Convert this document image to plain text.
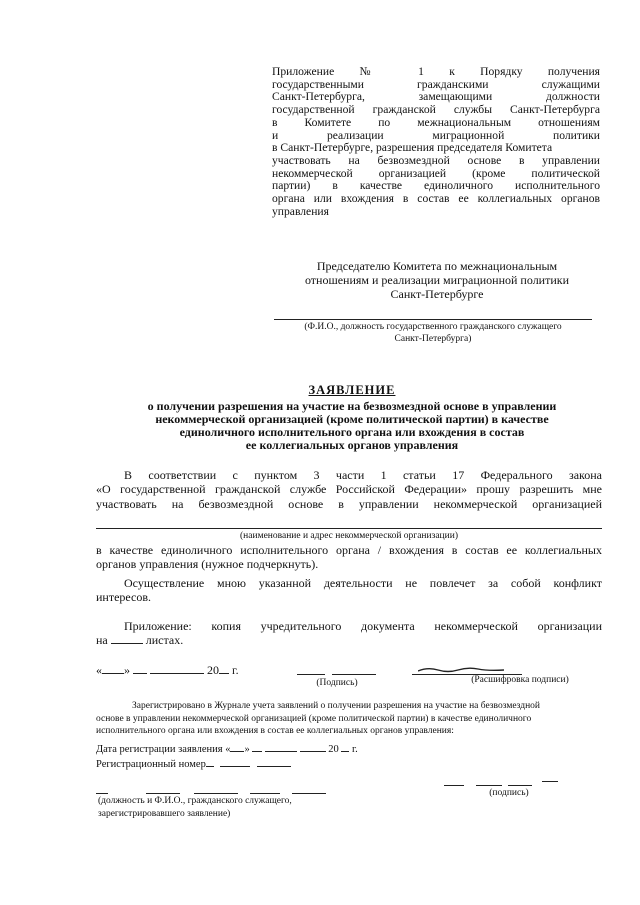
Приложение № 1 к Порядку получения
государственными гражданскими служащими
Санкт-Петербурга, замещающими должности
государственной гражданской службы Санкт-Петербурга
в Комитете по межнациональным отношениям
и реализации миграционной политики
в Санкт-Петербурге, разрешения председателя Комитета
участвовать на безвозмездной основе в управлении
некоммерческой организацией (кроме политической
партии) в качестве единоличного исполнительного
органа или вхождения в состав ее коллегиальных органов
управления
Председателю Комитета по межнациональным
отношениям и реализации миграционной политики
Санкт-Петербурге
(Ф.И.О., должность государственного гражданского служащего
Санкт-Петербурга)
ЗАЯВЛЕНИЕ
о получении разрешения на участие на безвозмездной основе в управлении
некоммерческой организацией (кроме политической партии) в качестве
единоличного исполнительного органа или вхождения в состав
ее коллегиальных органов управления
В соответствии с пунктом 3 части 1 статьи 17 Федерального закона
«О государственной гражданской службе Российской Федерации» прошу разрешить мне
участвовать на безвозмездной основе в управлении некоммерческой организацией
(наименование и адрес некоммерческой организации)
в качестве единоличного исполнительного органа / вхождения в состав ее коллегиальных
органов управления (нужное подчеркнуть).
Осуществление мною указанной деятельности не повлечет за собой конфликт
интересов.
Приложение: копия учредительного документа некоммерческой организации
на	листах.
« »	20 г.
(Подпись)	(Расшифровка подписи)
Зарегистрировано в Журнале учета заявлений о получении разрешения на участие на безвозмездной
основе в управлении некоммерческой организацией (кроме политической партии) в качестве единоличного
исполнительного органа или вхождения в состав ее коллегиальных органов управления:
Дата регистрации заявления « »	20 г.
Регистрационный номер
(подпись)
(должность и Ф.И.О., гражданского служащего,
зарегистрировавшего заявление)
